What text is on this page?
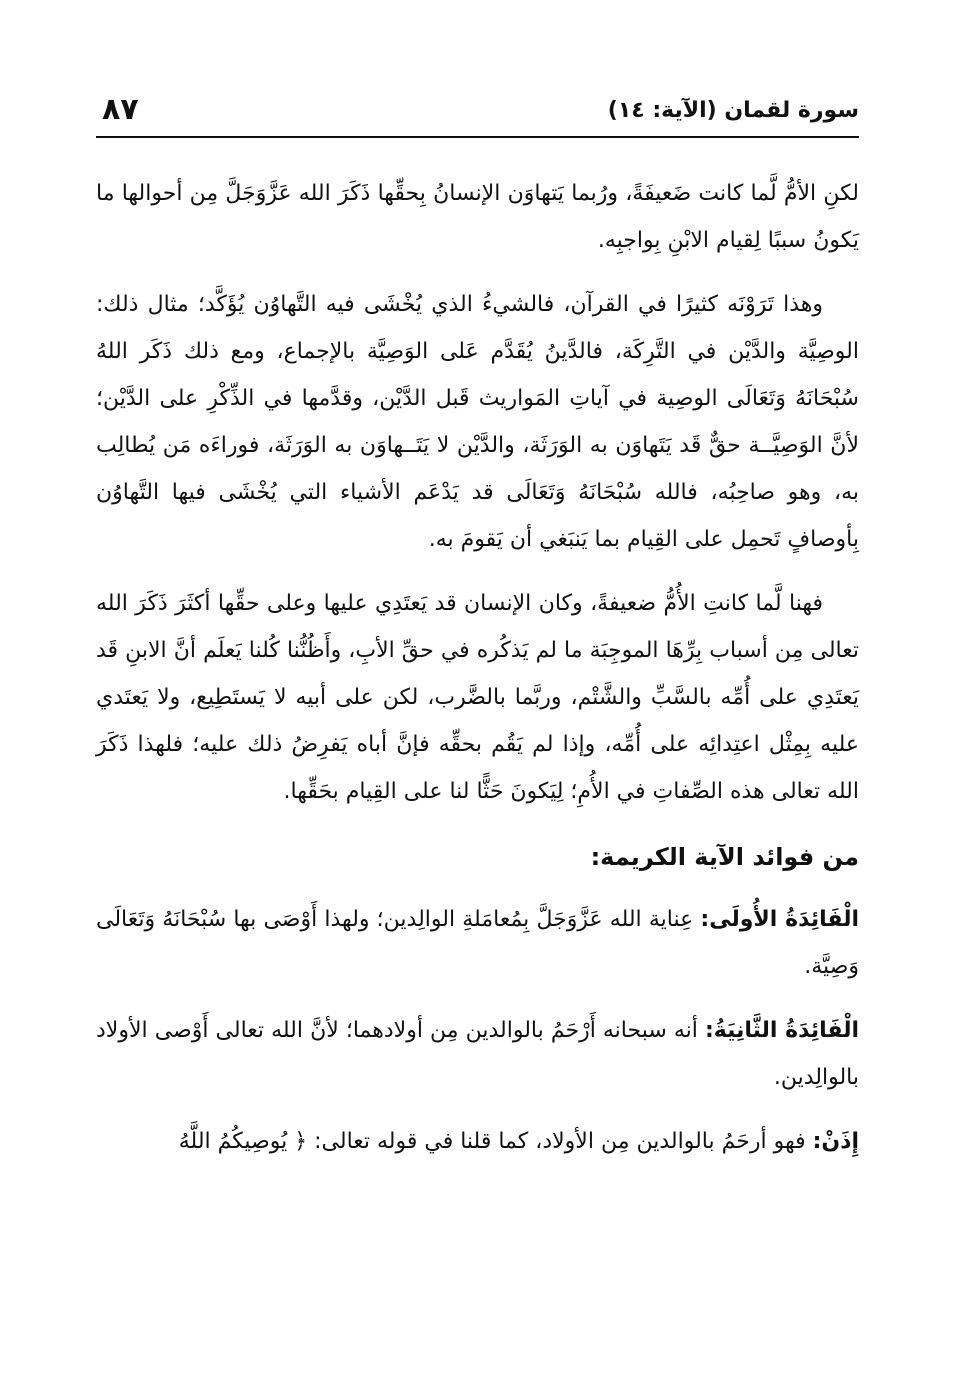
سورة لقمان (الآية: ١٤)
٨٧

لكنِ الأمُّ لَّما كانت ضَعيفَةً، ورُبما يَتهاوَن الإنسانُ بِحقِّها ذَكَرَ الله عَزَّوَجَلَّ مِن أحوالها ما يَكونُ سببًا لِقيام الابْنِ بِواجبِه.

وهذا تَرَوْنَه كثيرًا في القرآن، فالشيءُ الذي يُخْشَى فيه التَّهاوُن يُؤَكَّد؛ مثال ذلك: الوصِيَّة والدَّيْن في التَّرِكَة، فالدَّينُ يُقَدَّم عَلى الوَصِيَّة بالإجماع، ومع ذلك ذَكَر اللهُ سُبْحَانَهُ وَتَعَالَى الوصِية في آياتِ المَواريث قَبل الدَّيْن، وقدَّمها في الذِّكْرِ على الدَّيْن؛ لأنَّ الوَصِيَّــة حقٌّ قَد يَتَهاوَن به الوَرَثَة، والدَّيْن لا يَتَــهاوَن به الوَرَثَة، فوراءَه مَن يُطالِب به، وهو صاحِبُه، فالله سُبْحَانَهُ وَتَعَالَى قد يَدْعَم الأشياء التي يُخْشَى فيها التَّهاوُن بِأوصافٍ تَحمِل على القِيام بما يَنبَغي أن يَقومَ به.

فهنا لَّما كانتِ الأُمُّ ضعيفةً، وكان الإنسان قد يَعتَدِي عليها وعلى حقِّها أكثَرَ ذَكَرَ الله تعالى مِن أسباب بِرِّهَا الموجِبَة ما لم يَذكُره في حقِّ الأبِ، وأَظُنُّنا كُلنا يَعلَم أنَّ الابنِ قَد يَعتَدِي على أُمِّه بالسَّبِّ والشَّتْم، وربَّما بالضَّرب، لكن على أبيه لا يَستَطِيع، ولا يَعتَدي عليه بِمِثْل اعتِدائِه على أُمِّه، وإذا لم يَقُم بحقِّه فإنَّ أباه يَفرِضُ ذلك عليه؛ فلهذا ذَكَرَ الله تعالى هذه الصِّفاتِ في الأُمِ؛ لِيَكونَ حَثًّا لنا على القِيام بحَقِّها.

من فوائد الآية الكريمة:

الْفَائِدَةُ الأُولَى: عِناية الله عَزَّوَجَلَّ بِمُعامَلةِ الوالِدين؛ ولهذا أَوْصَى بها سُبْحَانَهُ وَتَعَالَى وَصِيَّة.

الْفَائِدَةُ الثَّانِيَةُ: أنه سبحانه أَرْحَمُ بالوالدين مِن أولادهما؛ لأنَّ الله تعالى أَوْصى الأولاد بالوالِدين.

إِذَنْ: فهو أرحَمُ بالوالدين مِن الأولاد، كما قلنا في قوله تعالى: ﴿ يُوصِيكُمُ اللَّهُ
